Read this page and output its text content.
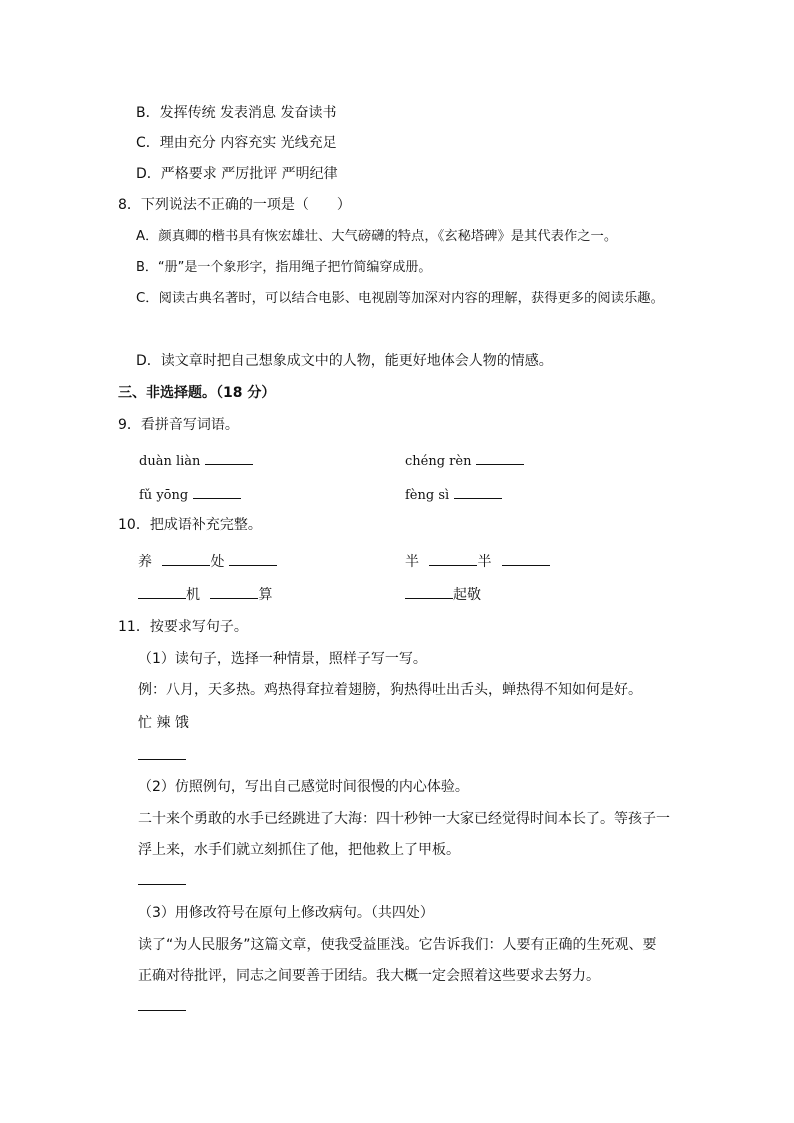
B．发挥传统 发表消息 发奋读书
C．理由充分 内容充实 光线充足
D．严格要求 严厉批评 严明纪律
8．下列说法不正确的一项是（　　）
A．颜真卿的楷书具有恢宏雄壮、大气磅礴的特点，《玄秘塔碑》是其代表作之一。
B．“册”是一个象形字，指用绳子把竹简编穿成册。
C．阅读古典名著时，可以结合电影、电视剧等加深对内容的理解，获得更多的阅读乐趣。
D．读文章时把自己想象成文中的人物，能更好地体会人物的情感。
三、非选择题。（18 分）
9．看拼音写词语。
duàn liàn	chéng rèn
fǔ yōng	fèng sì
10．把成语补充完整。
养	处	半	半
机	算	起敬
11．按要求写句子。
（1）读句子，选择一种情景，照样子写一写。
例：八月，天多热。鸡热得耷拉着翅膀，狗热得吐出舌头，蝉热得不知如何是好。
忙 辣 饿
（2）仿照例句，写出自己感觉时间很慢的内心体验。
二十来个勇敢的水手已经跳进了大海：四十秒钟一大家已经觉得时间本长了。等孩子一
浮上来，水手们就立刻抓住了他，把他救上了甲板。
（3）用修改符号在原句上修改病句。（共四处）
读了“为人民服务”这篇文章，使我受益匪浅。它告诉我们：人要有正确的生死观、要
正确对待批评，同志之间要善于团结。我大概一定会照着这些要求去努力。
